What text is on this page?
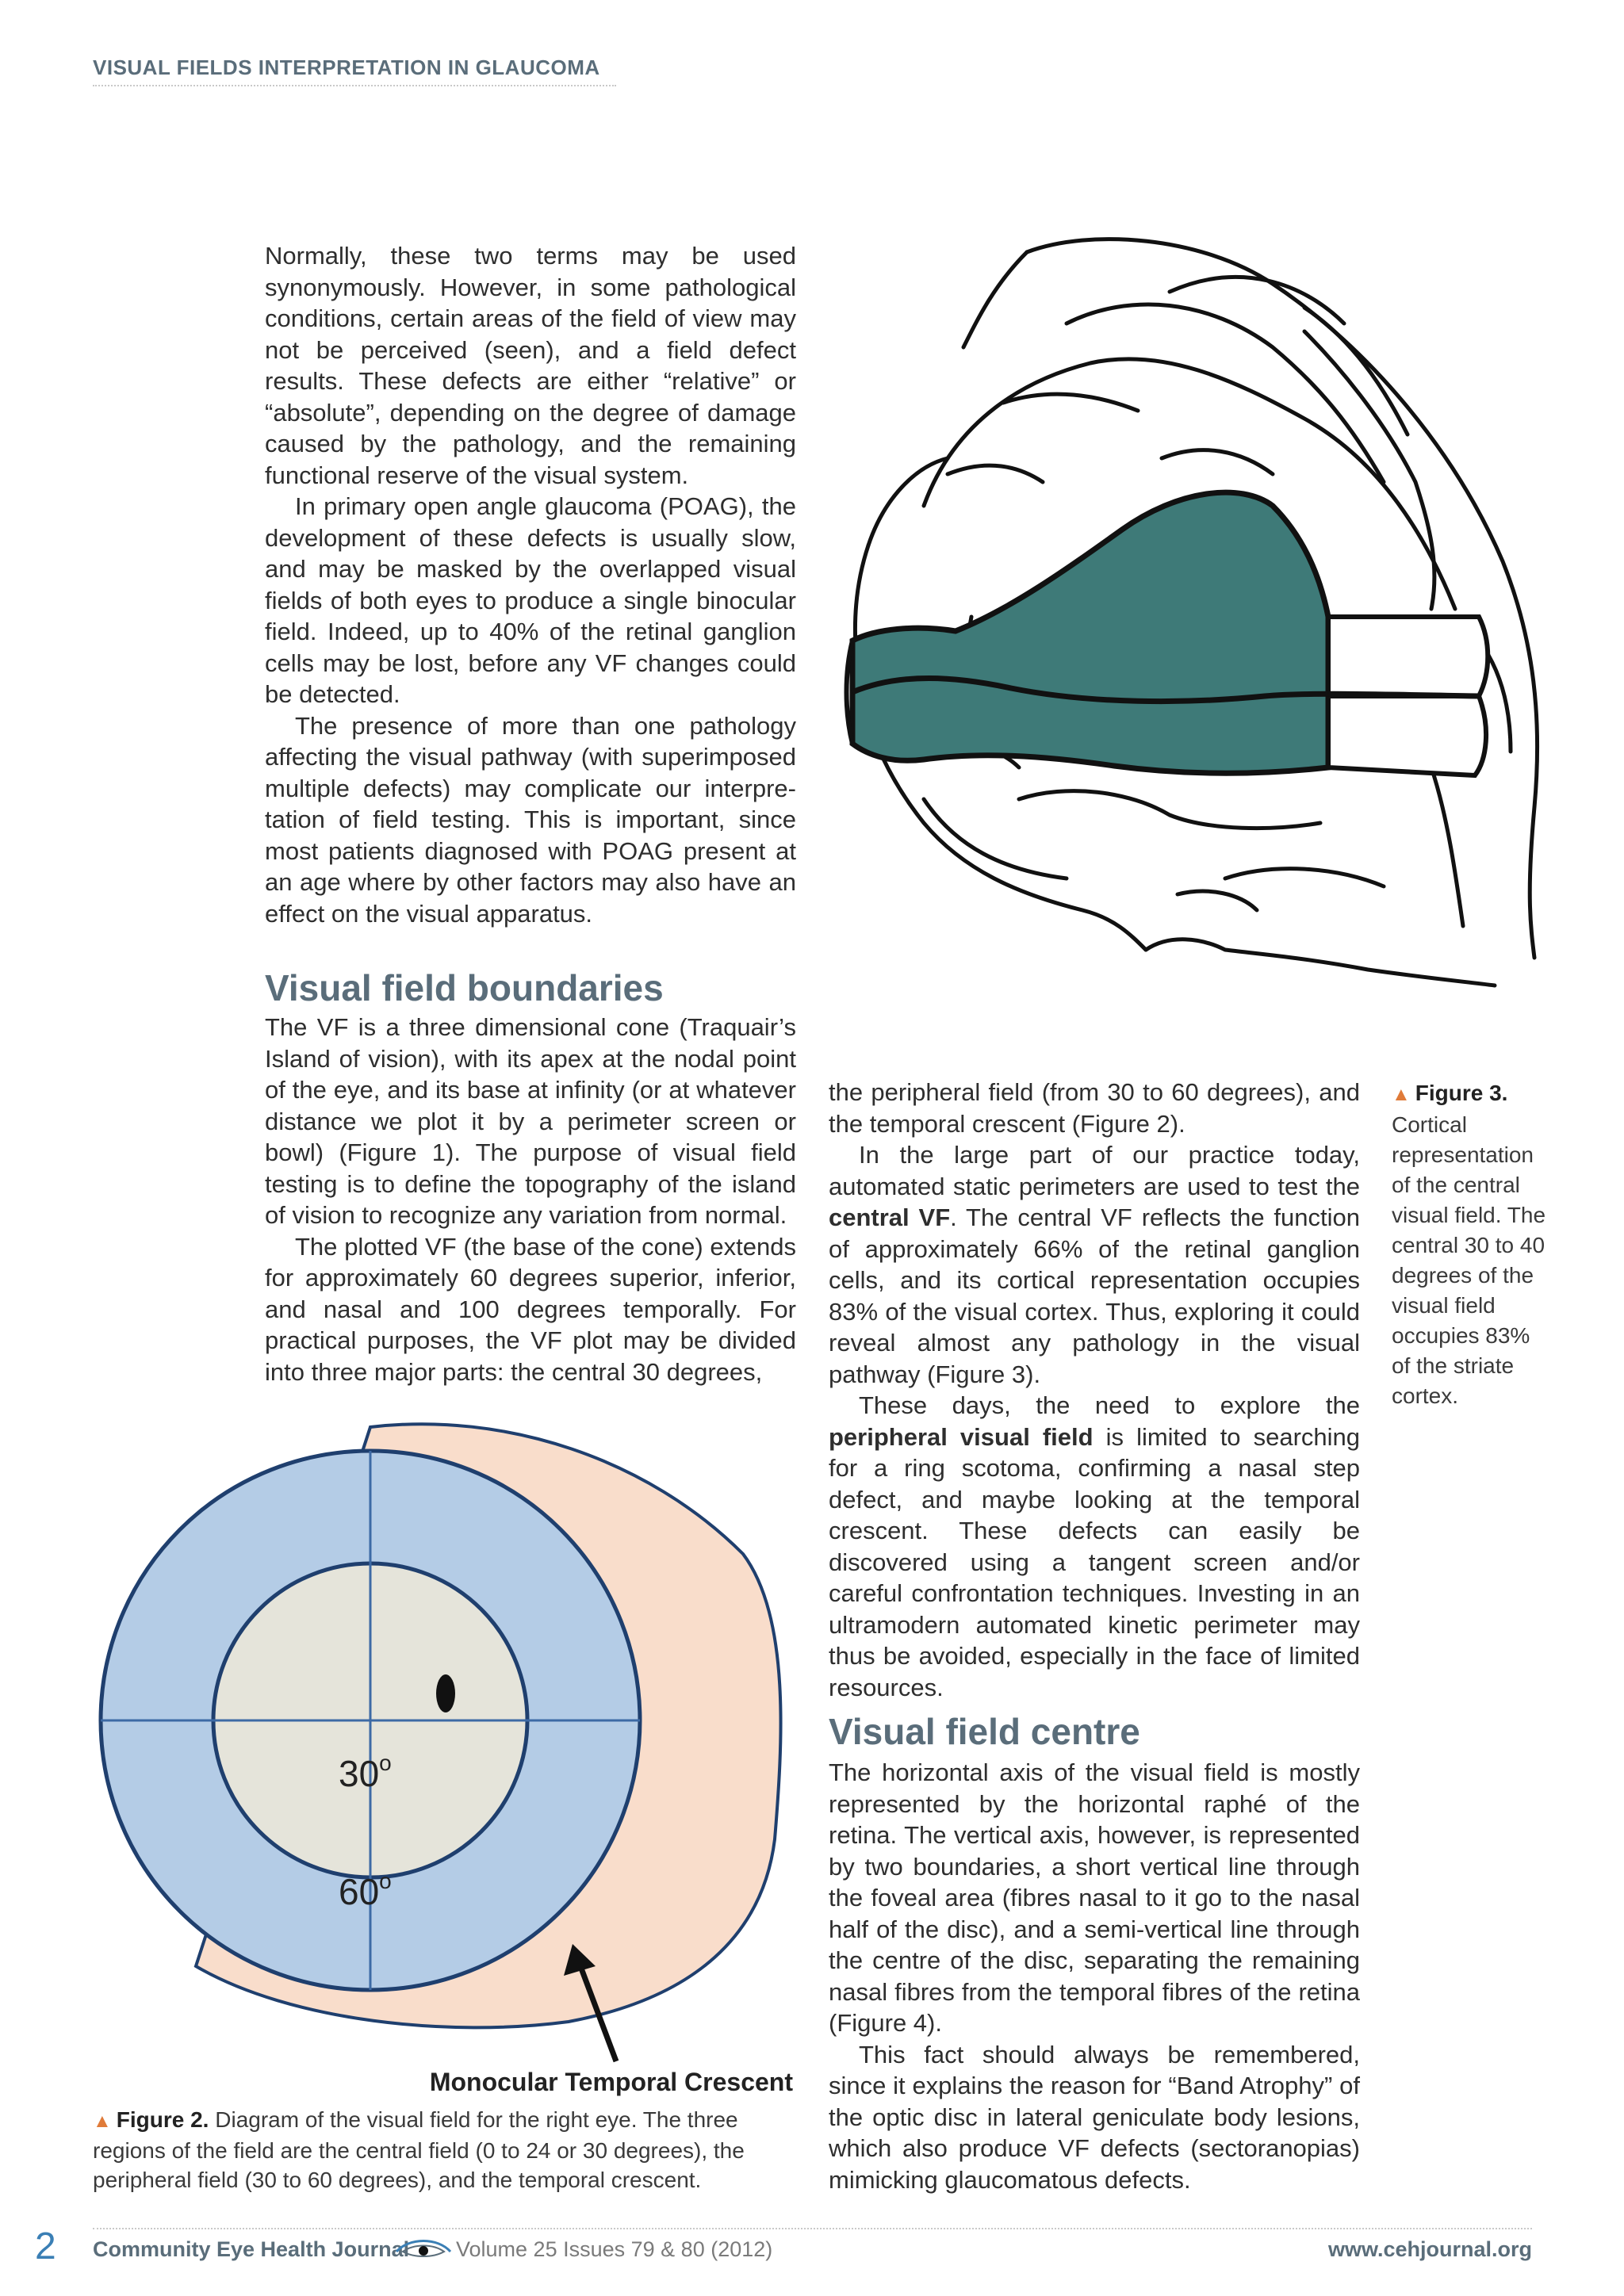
VISUAL FIELDS INTERPRETATION IN GLAUCOMA

Normally, these two terms may be used synonymously. However, in some pathological conditions, certain areas of the field of view may not be perceived (seen), and a field defect results. These defects are either “relative” or “absolute”, depending on the degree of damage caused by the pathology, and the remaining functional reserve of the visual system.

In primary open angle glaucoma (POAG), the development of these defects is usually slow, and may be masked by the overlapped visual fields of both eyes to produce a single binocular field. Indeed, up to 40% of the retinal ganglion cells may be lost, before any VF changes could be detected.

The presence of more than one pathology affecting the visual pathway (with superimposed multiple defects) may complicate our interpre-tation of field testing. This is important, since most patients diagnosed with POAG present at an age where by other factors may also have an effect on the visual apparatus.

Visual field boundaries

The VF is a three dimensional cone (Traquair’s Island of vision), with its apex at the nodal point of the eye, and its base at infinity (or at whatever distance we plot it by a perimeter screen or bowl) (Figure 1). The purpose of visual field testing is to define the topography of the island of vision to recognize any variation from normal.

The plotted VF (the base of the cone) extends for approximately 60 degrees superior, inferior, and nasal and 100 degrees temporally. For practical purposes, the VF plot may be divided into three major parts: the central 30 degrees,

the peripheral field (from 30 to 60 degrees), and the temporal crescent (Figure 2).

In the large part of our practice today, automated static perimeters are used to test the central VF. The central VF reflects the function of approximately 66% of the retinal ganglion cells, and its cortical representation occupies 83% of the visual cortex. Thus, exploring it could reveal almost any pathology in the visual pathway (Figure 3).

These days, the need to explore the peripheral visual field is limited to searching for a ring scotoma, confirming a nasal step defect, and maybe looking at the temporal crescent. These defects can easily be discovered using a tangent screen and/or careful confrontation techniques. Investing in an ultramodern automated kinetic perimeter may thus be avoided, especially in the face of limited resources.

Visual field centre

The horizontal axis of the visual field is mostly represented by the horizontal raphé of the retina. The vertical axis, however, is represented by two boundaries, a short vertical line through the foveal area (fibres nasal to it go to the nasal half of the disc), and a semi-vertical line through the centre of the disc, separating the remaining nasal fibres from the temporal fibres of the retina (Figure 4).

This fact should always be remembered, since it explains the reason for “Band Atrophy” of the optic disc in lateral geniculate body lesions, which also produce VF defects (sectoranopias) mimicking glaucomatous defects.

▲ Figure 3.
Cortical representation of the central visual field. The central 30 to 40 degrees of the visual field occupies 83% of the striate cortex.
30$^o$
60$^o$
Monocular Temporal Crescent
▲ Figure 2. Diagram of the visual field for the right eye. The three regions of the field are the central field (0 to 24 or 30 degrees), the peripheral field (30 to 60 degrees), and the temporal crescent.
2 Community Eye Health Journal Volume 25 Issues 79 & 80 (2012)	www.cehjournal.org
